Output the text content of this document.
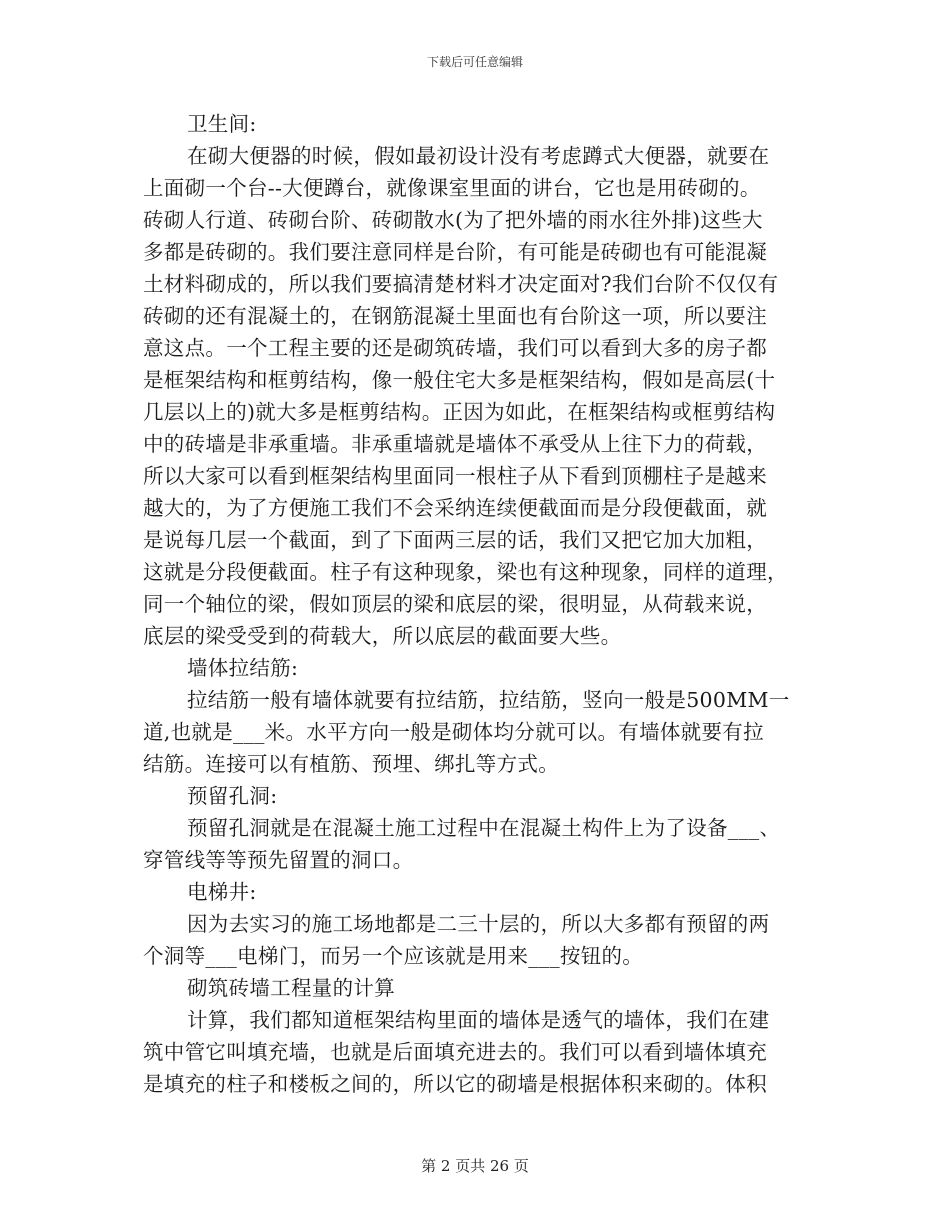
下载后可任意编辑
卫生间:
在砌大便器的时候，假如最初设计没有考虑蹲式大便器，就要在
上面砌一个台--大便蹲台，就像课室里面的讲台，它也是用砖砌的。
砖砌人行道、砖砌台阶、砖砌散水(为了把外墙的雨水往外排)这些大
多都是砖砌的。我们要注意同样是台阶，有可能是砖砌也有可能混凝
土材料砌成的，所以我们要搞清楚材料才决定面对?我们台阶不仅仅有
砖砌的还有混凝土的，在钢筋混凝土里面也有台阶这一项，所以要注
意这点。一个工程主要的还是砌筑砖墙，我们可以看到大多的房子都
是框架结构和框剪结构，像一般住宅大多是框架结构，假如是高层(十
几层以上的)就大多是框剪结构。正因为如此，在框架结构或框剪结构
中的砖墙是非承重墙。非承重墙就是墙体不承受从上往下力的荷载，
所以大家可以看到框架结构里面同一根柱子从下看到顶棚柱子是越来
越大的，为了方便施工我们不会采纳连续便截面而是分段便截面，就
是说每几层一个截面，到了下面两三层的话，我们又把它加大加粗，
这就是分段便截面。柱子有这种现象，梁也有这种现象，同样的道理，
同一个轴位的梁，假如顶层的梁和底层的梁，很明显，从荷载来说，
底层的梁受受到的荷载大，所以底层的截面要大些。
墙体拉结筋:
拉结筋一般有墙体就要有拉结筋，拉结筋，竖向一般是500MM一
道,也就是___米。水平方向一般是砌体均分就可以。有墙体就要有拉
结筋。连接可以有植筋、预埋、绑扎等方式。
预留孔洞:
预留孔洞就是在混凝土施工过程中在混凝土构件上为了设备___、
穿管线等等预先留置的洞口。
电梯井:
因为去实习的施工场地都是二三十层的，所以大多都有预留的两
个洞等___电梯门，而另一个应该就是用来___按钮的。
砌筑砖墙工程量的计算
计算，我们都知道框架结构里面的墙体是透气的墙体，我们在建
筑中管它叫填充墙，也就是后面填充进去的。我们可以看到墙体填充
是填充的柱子和楼板之间的，所以它的砌墙是根据体积来砌的。体积
第 2 页共 26 页
